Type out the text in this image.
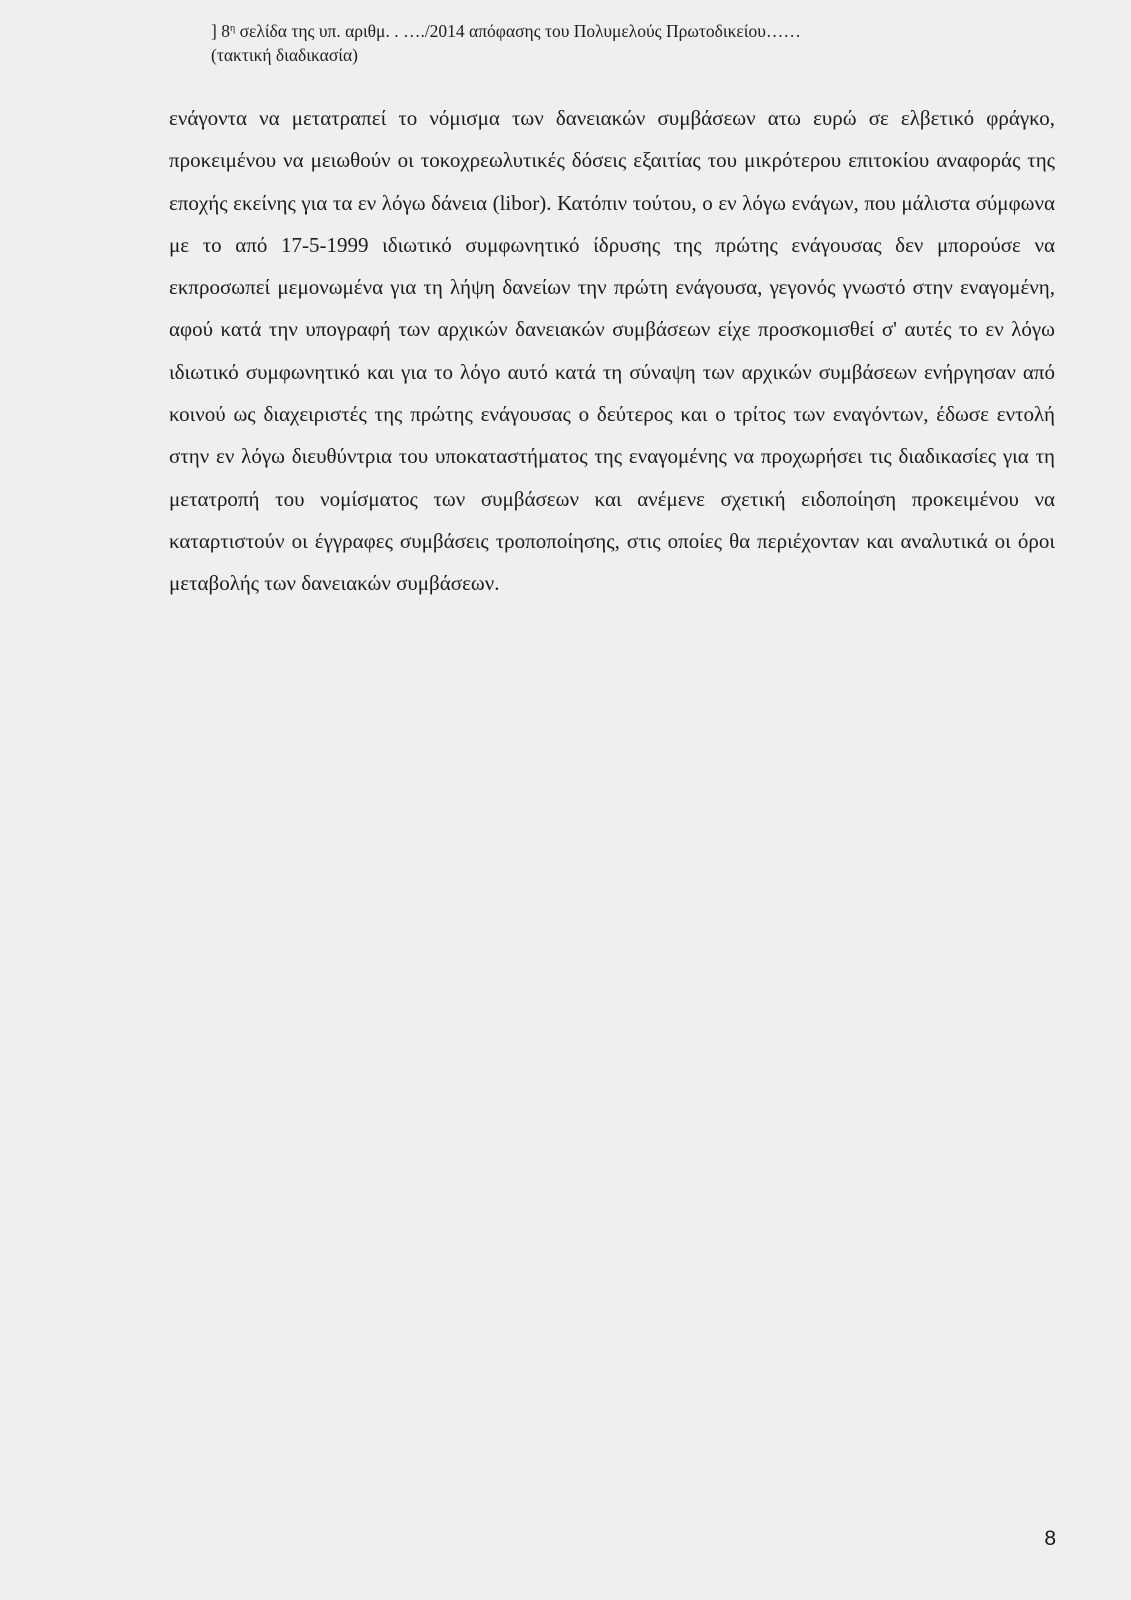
] $8^\eta$ σελίδα της υπ. αριθμ. . …./2014 απόφασης του Πολυμελούς Πρωτοδικείου……
(τακτική διαδικασία)

ενάγοντα να μετατραπεί το νόμισμα των δανειακών συμβάσεων ατω ευρώ σε ελβετικό φράγκο, προκειμένου να μειωθούν οι τοκοχρεωλυτικές δόσεις εξαιτίας του μικρότερου επιτοκίου αναφοράς της εποχής εκείνης για τα εν λόγω δάνεια (libor). Κατόπιν τούτου, ο εν λόγω ενάγων, που μάλιστα σύμφωνα με το από 17-5-1999 ιδιωτικό συμφωνητικό ίδρυσης της πρώτης ενάγουσας δεν μπορούσε να εκπροσωπεί μεμονωμένα για τη λήψη δανείων την πρώτη ενάγουσα, γεγονός γνωστό στην εναγομένη, αφού κατά την υπογραφή των αρχικών δανειακών συμβάσεων είχε προσκομισθεί σ' αυτές το εν λόγω ιδιωτικό συμφωνητικό και για το λόγο αυτό κατά τη σύναψη των αρχικών συμβάσεων ενήργησαν από κοινού ως διαχειριστές της πρώτης ενάγουσας ο δεύτερος και ο τρίτος των εναγόντων, έδωσε εντολή στην εν λόγω διευθύντρια του υποκαταστήματος της εναγομένης να προχωρήσει τις διαδικασίες για τη μετατροπή του νομίσματος των συμβάσεων και ανέμενε σχετική ειδοποίηση προκειμένου να καταρτιστούν οι έγγραφες συμβάσεις τροποποίησης, στις οποίες θα περιέχονταν και αναλυτικά οι όροι μεταβολής των δανειακών συμβάσεων.

8
